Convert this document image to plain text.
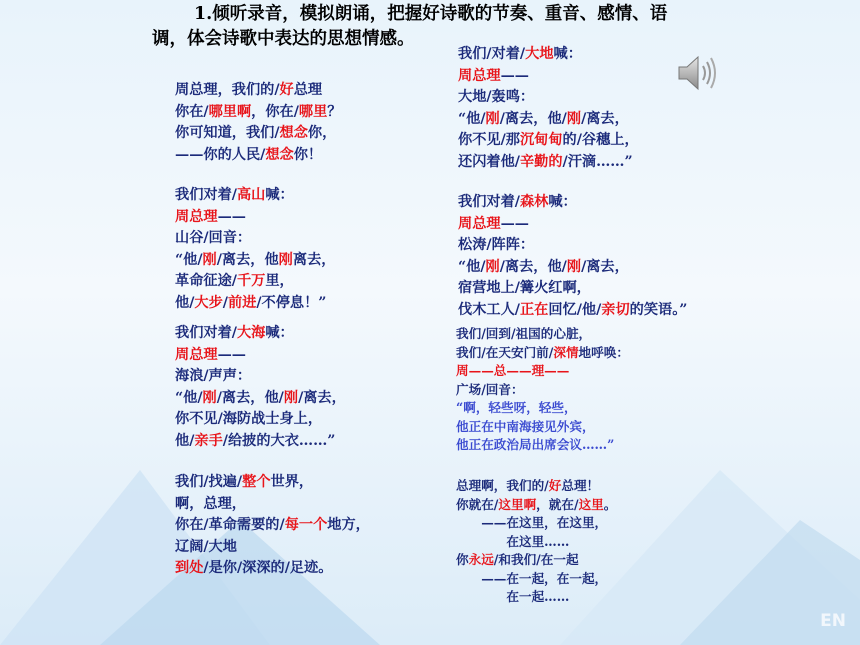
1.倾听录音，模拟朗诵，把握好诗歌的节奏、重音、感情、语
调，体会诗歌中表达的思想情感。
周总理，我们的/好总理
你在/哪里啊，你在/哪里？
你可知道，我们/想念你，
——你的人民/想念你！
我们对着/高山喊：
周总理——
山谷/回音：
“他/刚/离去，他刚离去，
革命征途/千万里，
他/大步/前进/不停息！”
我们对着/大海喊：
周总理——
海浪/声声：
“他/刚/离去，他/刚/离去，
你不见/海防战士身上，
他/亲手/给披的大衣……”
我们/找遍/整个世界，
啊，总理，
你在/革命需要的/每一个地方，
辽阔/大地
到处/是你/深深的/足迹。
我们/对着/大地喊：
周总理——
大地/轰鸣：
“他/刚/离去，他/刚/离去，
你不见/那沉甸甸的/谷穗上，
还闪着他/辛勤的/汗滴……”
我们对着/森林喊：
周总理——
松涛/阵阵：
“他/刚/离去，他/刚/离去，
宿营地上/篝火红啊，
伐木工人/正在回忆/他/亲切的笑语。”
我们/回到/祖国的心脏，
我们/在天安门前/深情地呼唤：
周——总——理——
广场/回音：
“啊，轻些呀，轻些，
他正在中南海接见外宾，
他正在政治局出席会议……”
总理啊，我们的/好总理！
你就在/这里啊，就在/这里。
　　——在这里，在这里，
　　　　在这里……
你永远/和我们/在一起
　　——在一起，在一起，
　　　　在一起……
EN
